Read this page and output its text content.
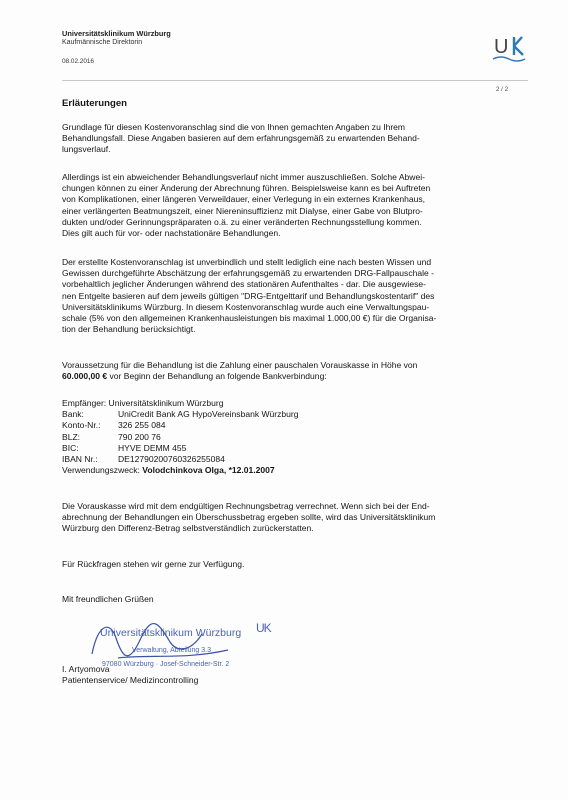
Universitätsklinikum Würzburg
Kaufmännische Direktorin
08.02.2016
U
2 / 2
Erläuterungen
Grundlage für diesen Kostenvoranschlag sind die von Ihnen gemachten Angaben zu Ihrem
Behandlungsfall. Diese Angaben basieren auf dem erfahrungsgemäß zu erwartenden Behand-
lungsverlauf.
Allerdings ist ein abweichender Behandlungsverlauf nicht immer auszuschließen. Solche Abwei-
chungen können zu einer Änderung der Abrechnung führen. Beispielsweise kann es bei Auftreten
von Komplikationen, einer längeren Verweildauer, einer Verlegung in ein externes Krankenhaus,
einer verlängerten Beatmungszeit, einer Niereninsuffizienz mit Dialyse, einer Gabe von Blutpro-
dukten und/oder Gerinnungspräparaten o.ä. zu einer veränderten Rechnungsstellung kommen.
Dies gilt auch für vor- oder nachstationäre Behandlungen.
Der erstellte Kostenvoranschlag ist unverbindlich und stellt lediglich eine nach besten Wissen und
Gewissen durchgeführte Abschätzung der erfahrungsgemäß zu erwartenden DRG-Fallpauschale -
vorbehaltlich jeglicher Änderungen während des stationären Aufenthaltes - dar. Die ausgewiese-
nen Entgelte basieren auf dem jeweils gültigen "DRG-Entgelttarif und Behandlungskostentarif" des
Universitätsklinikums Würzburg. In diesem Kostenvoranschlag wurde auch eine Verwaltungspau-
schale (5% von den allgemeinen Krankenhausleistungen bis maximal 1.000,00 €) für die Organisa-
tion der Behandlung berücksichtigt.
Voraussetzung für die Behandlung ist die Zahlung einer pauschalen Vorauskasse in Höhe von
60.000,00 € vor Beginn der Behandlung an folgende Bankverbindung:
Empfänger: Universitätsklinikum Würzburg
Bank:	UniCredit Bank AG HypoVereinsbank Würzburg
Konto-Nr.: 326 255 084
BLZ:	790 200 76
BIC:	HYVE DEMM 455
IBAN Nr.: DE12790200760326255084
Verwendungszweck: Volodchinkova Olga, *12.01.2007
Die Vorauskasse wird mit dem endgültigen Rechnungsbetrag verrechnet. Wenn sich bei der End-
abrechnung der Behandlungen ein Überschussbetrag ergeben sollte, wird das Universitätsklinikum
Würzburg den Differenz-Betrag selbstverständlich zurückerstatten.
Für Rückfragen stehen wir gerne zur Verfügung.
Mit freundlichen Grüßen
Universitätsklinikum Würzburg
Verwaltung, Abteilung 3.3
97080 Würzburg · Josef-Schneider-Str. 2
UK
I. Artyomova
Patientenservice/ Medizincontrolling
